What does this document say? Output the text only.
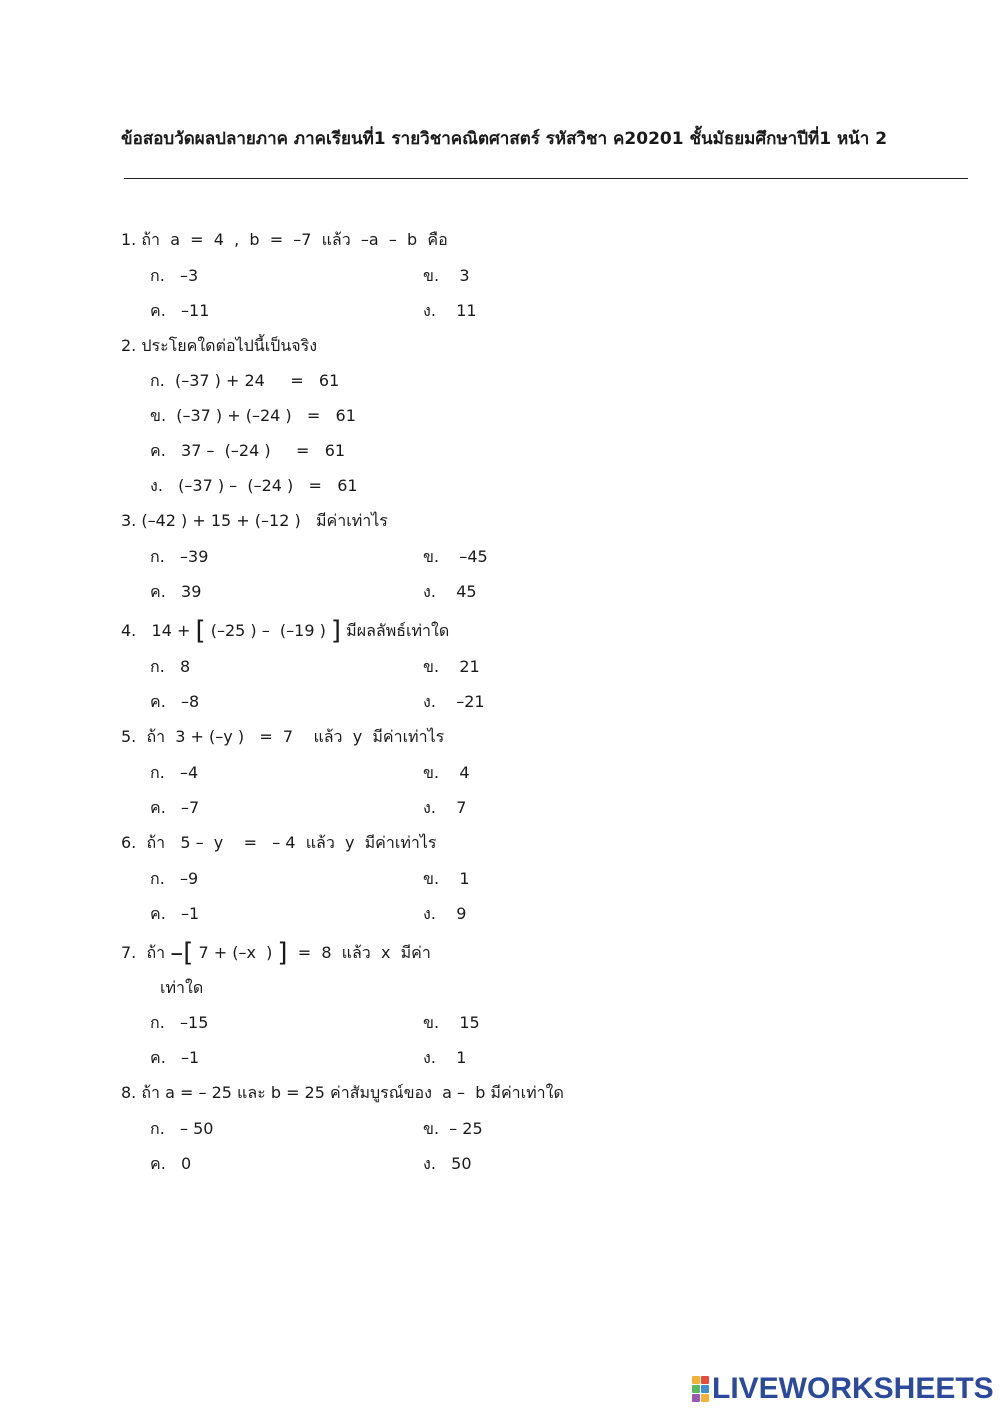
ข้อสอบวัดผลปลายภาค ภาคเรียนที่1 รายวิชาคณิตศาสตร์ รหัสวิชา ค20201 ชั้นมัธยมศึกษาปีที่1 หน้า 2
1. ถ้า  a  =  4  ,  b  =  –7  แล้ว  –a  –  b  คือ
ก.   –3	ข.    3
ค.   –11	ง.    11
2. ประโยคใดต่อไปนี้เป็นจริง
ก.  (–37 ) + 24     =   61
ข.  (–37 ) + (–24 )   =   61
ค.   37 –  (–24 )     =   61
ง.   (–37 ) –  (–24 )   =   61
3. (–42 ) + 15 + (–12 )   มีค่าเท่าไร
ก.   –39	ข.    –45
ค.   39	ง.    45
4.   14 + [ (–25 ) –  (–19 ) ] มีผลลัพธ์เท่าใด
ก.   8	ข.    21
ค.   –8	ง.    –21
5.  ถ้า  3 + (–y )   =  7    แล้ว  y  มีค่าเท่าไร
ก.   –4	ข.    4
ค.   –7	ง.    7
6.  ถ้า   5 –  y    =   – 4  แล้ว  y  มีค่าเท่าไร
ก.   –9	ข.    1
ค.   –1	ง.    9
7.  ถ้า –[ 7 + (–x  ) ]  =  8  แล้ว  x  มีค่า
เท่าใด
ก.   –15	ข.    15
ค.   –1	ง.    1
8. ถ้า a = – 25 และ b = 25 ค่าสัมบูรณ์ของ  a –  b มีค่าเท่าใด
ก.   – 50	ข.  – 25
ค.   0	ง.   50
LIVEWORKSHEETS
